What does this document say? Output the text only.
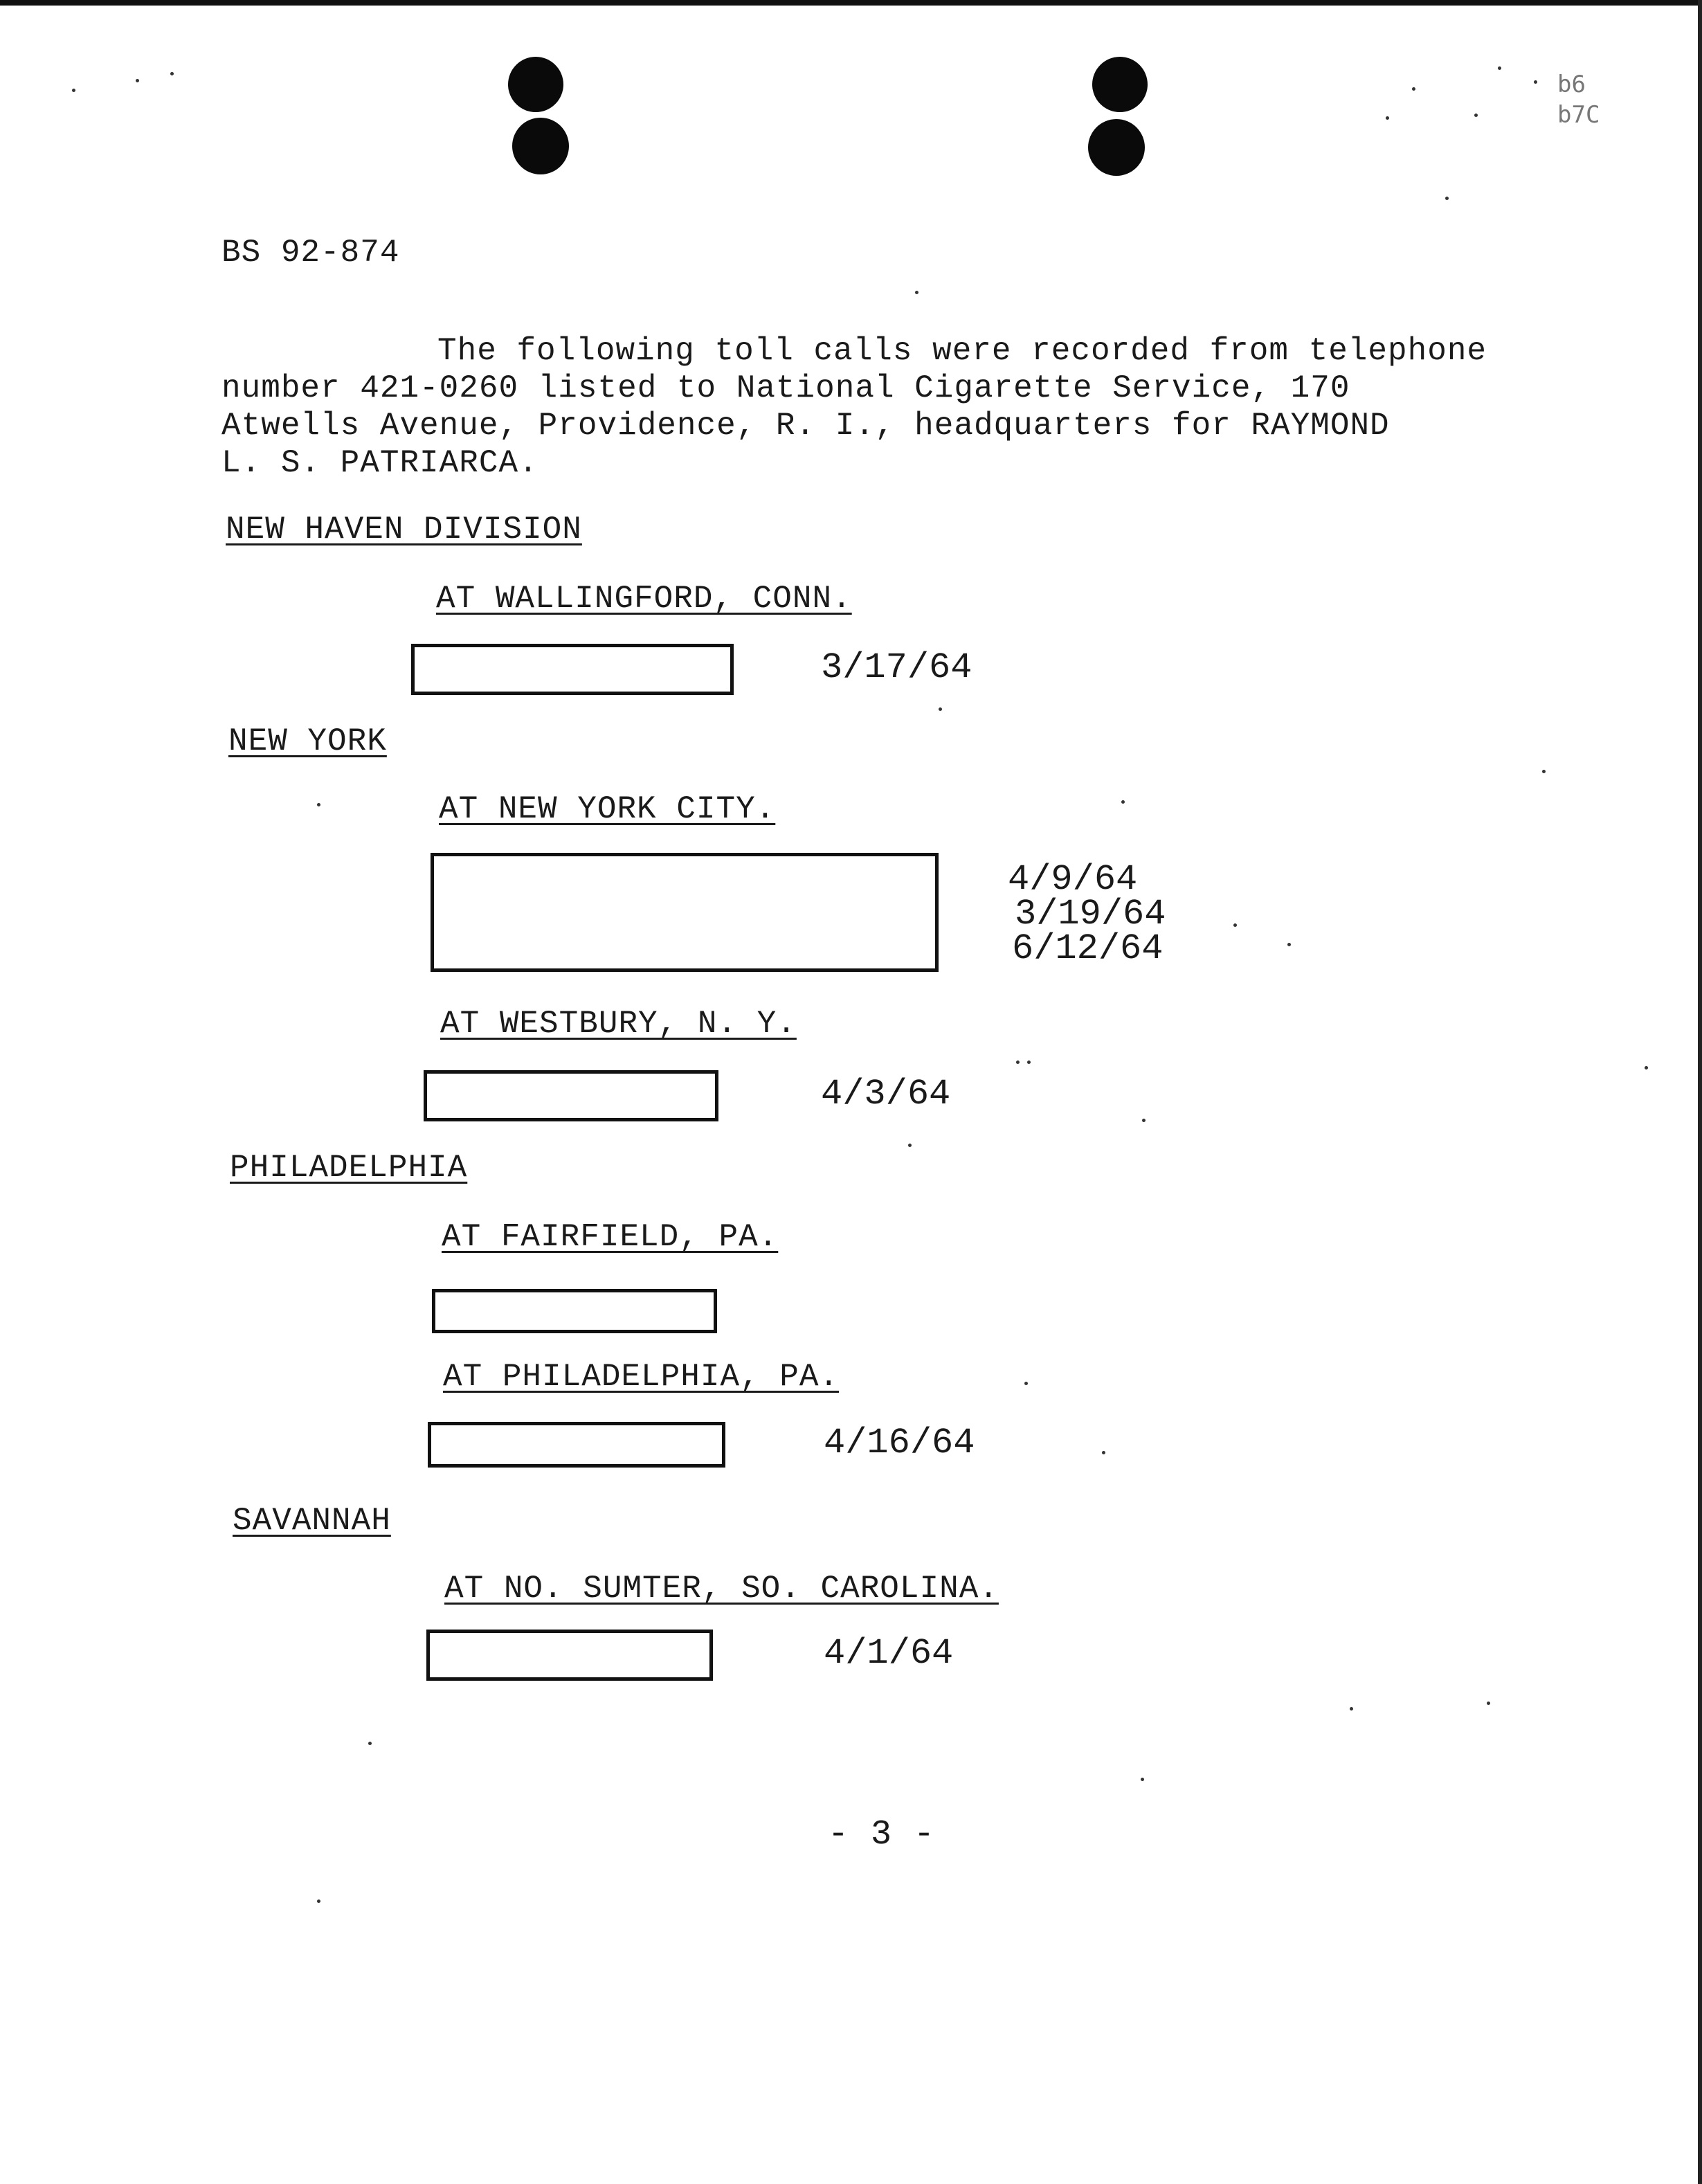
b6
b7C
BS 92-874
The following toll calls were recorded from telephone
number 421-0260 listed to National Cigarette Service, 170
Atwells Avenue, Providence, R. I., headquarters for RAYMOND
L. S. PATRIARCA.
NEW HAVEN DIVISION
AT WALLINGFORD, CONN.
3/17/64
NEW YORK
AT NEW YORK CITY.
4/9/64
3/19/64
6/12/64
AT WESTBURY, N. Y.
4/3/64
PHILADELPHIA
AT FAIRFIELD, PA.
AT PHILADELPHIA, PA.
4/16/64
SAVANNAH
AT NO. SUMTER, SO. CAROLINA.
4/1/64
- 3 -
